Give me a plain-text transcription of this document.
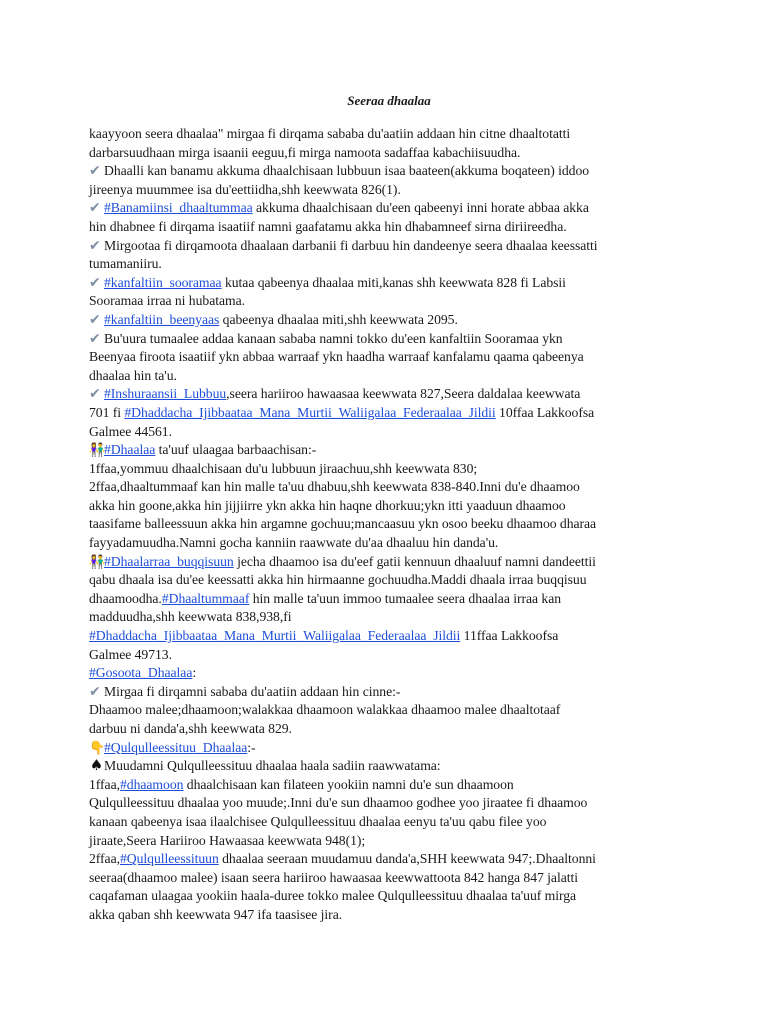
Seeraa dhaalaa
kaayyoon seera dhaalaa" mirgaa fi dirqama sababa du'aatiin addaan hin citne dhaaltotatti
darbarsuudhaan mirga isaanii eeguu,fi mirga namoota sadaffaa kabachiisuudha.
✔ Dhaalli kan banamu akkuma dhaalchisaan lubbuun isaa baateen(akkuma boqateen) iddoo
jireenya muummee isa du'eettiidha,shh keewwata 826(1).
✔ #Banamiinsi_dhaaltummaa akkuma dhaalchisaan du'een qabeenyi inni horate abbaa akka
hin dhabnee fi dirqama isaatiif namni gaafatamu akka hin dhabamneef sirna diriireedha.
✔ Mirgootaa fi dirqamoota dhaalaan darbanii fi darbuu hin dandeenye seera dhaalaa keessatti
tumamaniiru.
✔ #kanfaltiin_sooramaa kutaa qabeenya dhaalaa miti,kanas shh keewwata 828 fi Labsii
Sooramaa irraa ni hubatama.
✔ #kanfaltiin_beenyaas qabeenya dhaalaa miti,shh keewwata 2095.
✔ Bu'uura tumaalee addaa kanaan sababa namni tokko du'een kanfaltiin Sooramaa ykn
Beenyaa firoota isaatiif ykn abbaa warraaf ykn haadha warraaf kanfalamu qaama qabeenya
dhaalaa hin ta'u.
✔ #Inshuraansii_Lubbuu,seera hariiroo hawaasaa keewwata 827,Seera daldalaa keewwata
701 fi #Dhaddacha_Ijibbaataa_Mana_Murtii_Waliigalaa_Federaalaa_Jildii 10ffaa Lakkoofsa
Galmee 44561.
👫#Dhaalaa ta'uuf ulaagaa barbaachisan:-
1ffaa,yommuu dhaalchisaan du'u lubbuun jiraachuu,shh keewwata 830;
2ffaa,dhaaltummaaf kan hin malle ta'uu dhabuu,shh keewwata 838-840.Inni du'e dhaamoo
akka hin goone,akka hin jijjiirre ykn akka hin haqne dhorkuu;ykn itti yaaduun dhaamoo
taasifame balleessuun akka hin argamne gochuu;mancaasuu ykn osoo beeku dhaamoo dharaa
fayyadamuudha.Namni gocha kanniin raawwate du'aa dhaaluu hin danda'u.
👫#Dhaalarraa_buqqisuun jecha dhaamoo isa du'eef gatii kennuun dhaaluuf namni dandeettii
qabu dhaala isa du'ee keessatti akka hin hirmaanne gochuudha.Maddi dhaala irraa buqqisuu
dhaamoodha.#Dhaaltummaaf hin malle ta'uun immoo tumaalee seera dhaalaa irraa kan
madduudha,shh keewwata 838,938,fi
#Dhaddacha_Ijibbaataa_Mana_Murtii_Waliigalaa_Federaalaa_Jildii 11ffaa Lakkoofsa
Galmee 49713.
#Gosoota_Dhaalaa:
✔ Mirgaa fi dirqamni sababa du'aatiin addaan hin cinne:-
Dhaamoo malee;dhaamoon;walakkaa dhaamoon walakkaa dhaamoo malee dhaaltotaaf
darbuu ni danda'a,shh keewwata 829.
👇#Qulqulleessituu_Dhaalaa:-
♠Muudamni Qulqulleessituu dhaalaa haala sadiin raawwatama:
1ffaa,#dhaamoon dhaalchisaan kan filateen yookiin namni du'e sun dhaamoon
Qulqulleessituu dhaalaa yoo muude;.Inni du'e sun dhaamoo godhee yoo jiraatee fi dhaamoo
kanaan qabeenya isaa ilaalchisee Qulqulleessituu dhaalaa eenyu ta'uu qabu filee yoo
jiraate,Seera Hariiroo Hawaasaa keewwata 948(1);
2ffaa,#Qulqulleessituun dhaalaa seeraan muudamuu danda'a,SHH keewwata 947;.Dhaaltonni
seeraa(dhaamoo malee) isaan seera hariiroo hawaasaa keewwattoota 842 hanga 847 jalatti
caqafaman ulaagaa yookiin haala-duree tokko malee Qulqulleessituu dhaalaa ta'uuf mirga
akka qaban shh keewwata 947 ifa taasisee jira.
